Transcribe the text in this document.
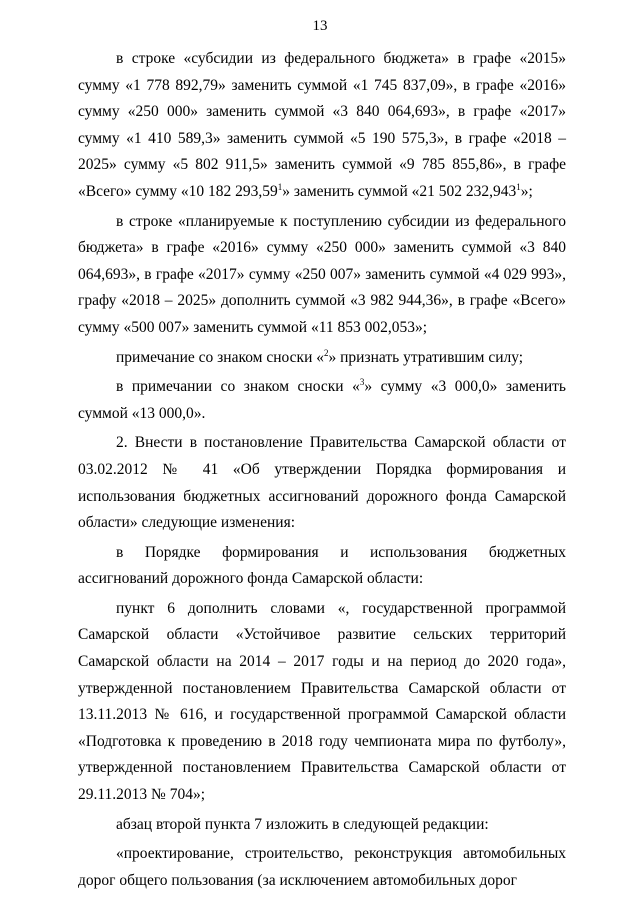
13

в строке «субсидии из федерального бюджета» в графе «2015» сумму «1 778 892,79» заменить суммой «1 745 837,09», в графе «2016» сумму «250 000» заменить суммой «3 840 064,693», в графе «2017» сумму «1 410 589,3» заменить суммой «5 190 575,3», в графе «2018 – 2025» сумму «5 802 911,5» заменить суммой «9 785 855,86», в графе «Всего» сумму «10 182 293,59$^1$» заменить суммой «21 502 232,943$^1$»;

в строке «планируемые к поступлению субсидии из федерального бюджета» в графе «2016» сумму «250 000» заменить суммой «3 840 064,693», в графе «2017» сумму «250 007» заменить суммой «4 029 993», графу «2018 – 2025» дополнить суммой «3 982 944,36», в графе «Всего» сумму «500 007» заменить суммой «11 853 002,053»;

примечание со знаком сноски «$^2$» признать утратившим силу;

в примечании со знаком сноски «$^3$» сумму «3 000,0» заменить суммой «13 000,0».

2. Внести в постановление Правительства Самарской области от 03.02.2012 № 41 «Об утверждении Порядка формирования и использования бюджетных ассигнований дорожного фонда Самарской области» следующие изменения:

в Порядке формирования и использования бюджетных ассигнований дорожного фонда Самарской области:

пункт 6 дополнить словами «, государственной программой Самарской области «Устойчивое развитие сельских территорий Самарской области на 2014 – 2017 годы и на период до 2020 года», утвержденной постановлением Правительства Самарской области от 13.11.2013 № 616, и государственной программой Самарской области «Подготовка к проведению в 2018 году чемпионата мира по футболу», утвержденной постановлением Правительства Самарской области от 29.11.2013 № 704»;

абзац второй пункта 7 изложить в следующей редакции:

«проектирование, строительство, реконструкция автомобильных дорог общего пользования (за исключением автомобильных дорог
